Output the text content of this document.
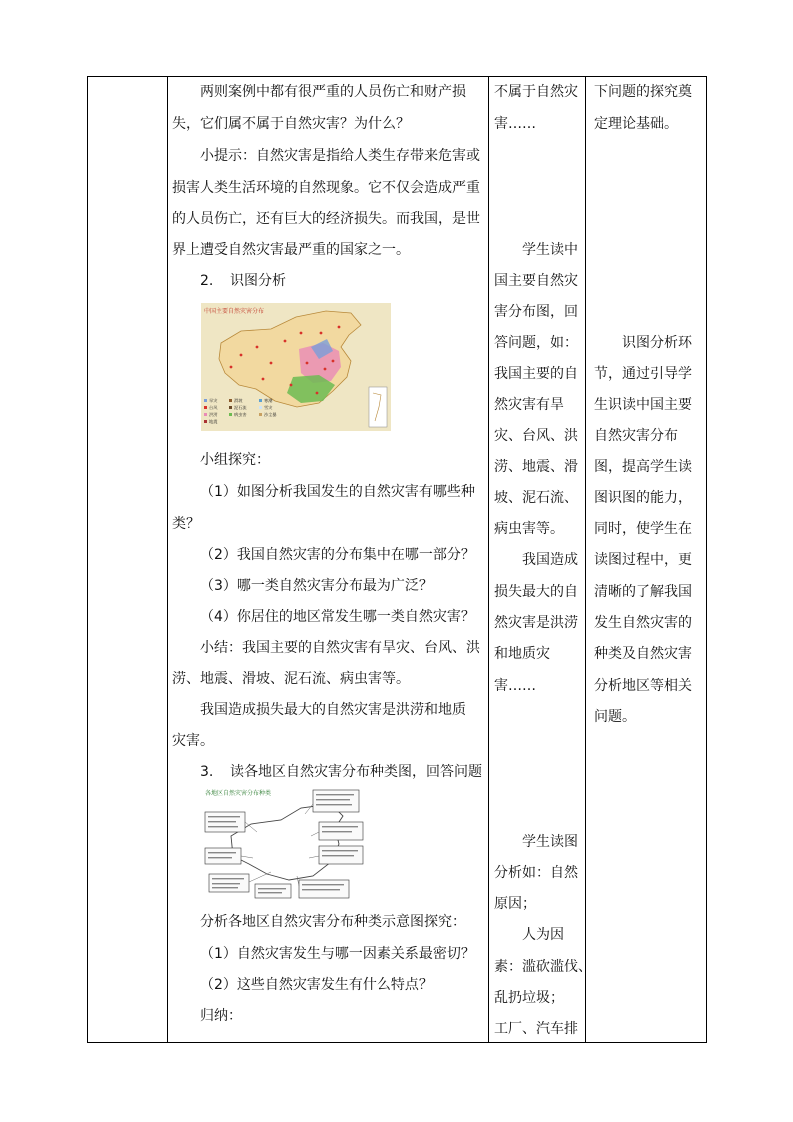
两则案例中都有很严重的人员伤亡和财产损

失，它们属不属于自然灾害？为什么？

小提示：自然灾害是指给人类生存带来危害或

损害人类生活环境的自然现象。它不仅会造成严重

的人员伤亡，还有巨大的经济损失。而我国，是世

界上遭受自然灾害最严重的国家之一。

2. 识图分析

中国主要自然灾害分布
旱灾
台风
洪涝
地震
滑坡
泥石流
病虫害
寒潮
雪灾
沙尘暴

小组探究：

（1）如图分析我国发生的自然灾害有哪些种

类？

（2）我国自然灾害的分布集中在哪一部分？

（3）哪一类自然灾害分布最为广泛？

（4）你居住的地区常发生哪一类自然灾害？

小结：我国主要的自然灾害有旱灾、台风、洪

涝、地震、滑坡、泥石流、病虫害等。

我国造成损失最大的自然灾害是洪涝和地质

灾害。

3. 读各地区自然灾害分布种类图，回答问题

各地区自然灾害分布种类

分析各地区自然灾害分布种类示意图探究：

（1）自然灾害发生与哪一因素关系最密切？

（2）这些自然灾害发生有什么特点？

归纳：

不属于自然灾

害……

学生读中

国主要自然灾

害分布图，回

答问题，如：

我国主要的自

然灾害有旱

灾、台风、洪

涝、地震、滑

坡、泥石流、

病虫害等。

我国造成

损失最大的自

然灾害是洪涝

和地质灾

害……

学生读图

分析如：自然

原因；

人为因

素：滥砍滥伐、

乱扔垃圾；

工厂、汽车排

下问题的探究奠

定理论基础。

识图分析环

节，通过引导学

生识读中国主要

自然灾害分布

图，提高学生读

图识图的能力，

同时，使学生在

读图过程中，更

清晰的了解我国

发生自然灾害的

种类及自然灾害

分析地区等相关

问题。
